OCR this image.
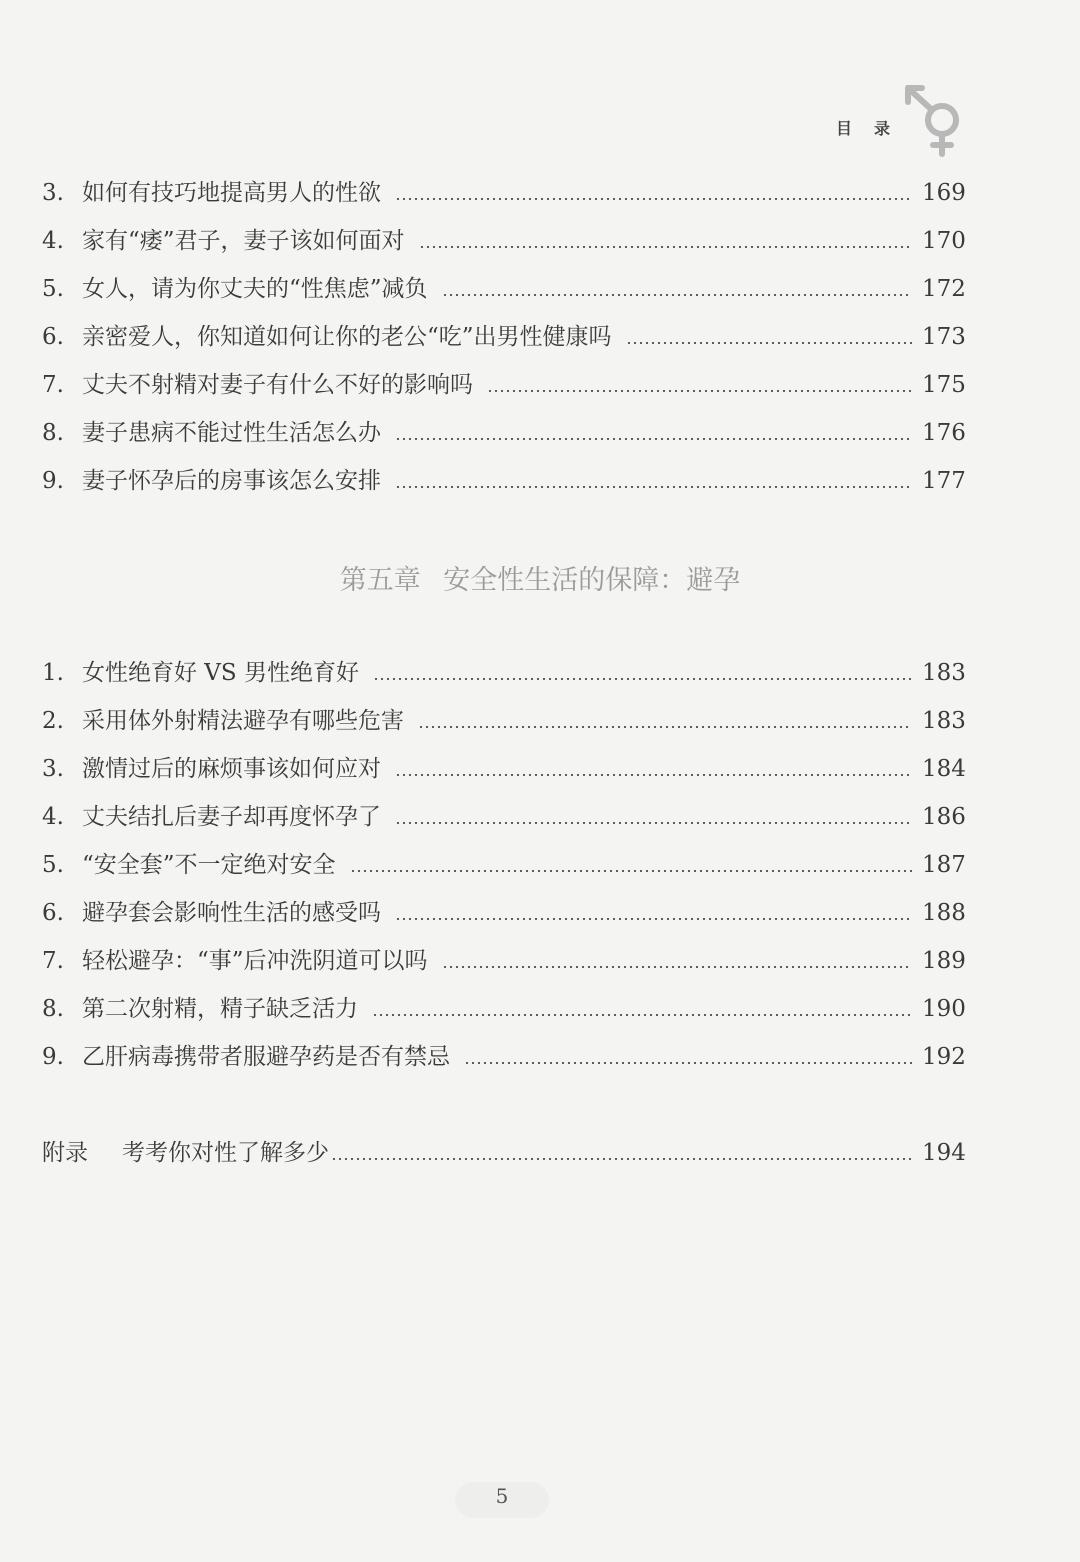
目录
3. 如何有技巧地提高男人的性欲	169
4. 家有“痿”君子，妻子该如何面对	170
5. 女人，请为你丈夫的“性焦虑”减负	172
6. 亲密爱人，你知道如何让你的老公“吃”出男性健康吗	173
7. 丈夫不射精对妻子有什么不好的影响吗	175
8. 妻子患病不能过性生活怎么办	176
9. 妻子怀孕后的房事该怎么安排	177
第五章 安全性生活的保障：避孕
1. 女性绝育好 VS 男性绝育好	183
2. 采用体外射精法避孕有哪些危害	183
3. 激情过后的麻烦事该如何应对	184
4. 丈夫结扎后妻子却再度怀孕了	186
5. “安全套”不一定绝对安全	187
6. 避孕套会影响性生活的感受吗	188
7. 轻松避孕：“事”后冲洗阴道可以吗	189
8. 第二次射精，精子缺乏活力	190
9. 乙肝病毒携带者服避孕药是否有禁忌	192
附录	考考你对性了解多少	194
5
